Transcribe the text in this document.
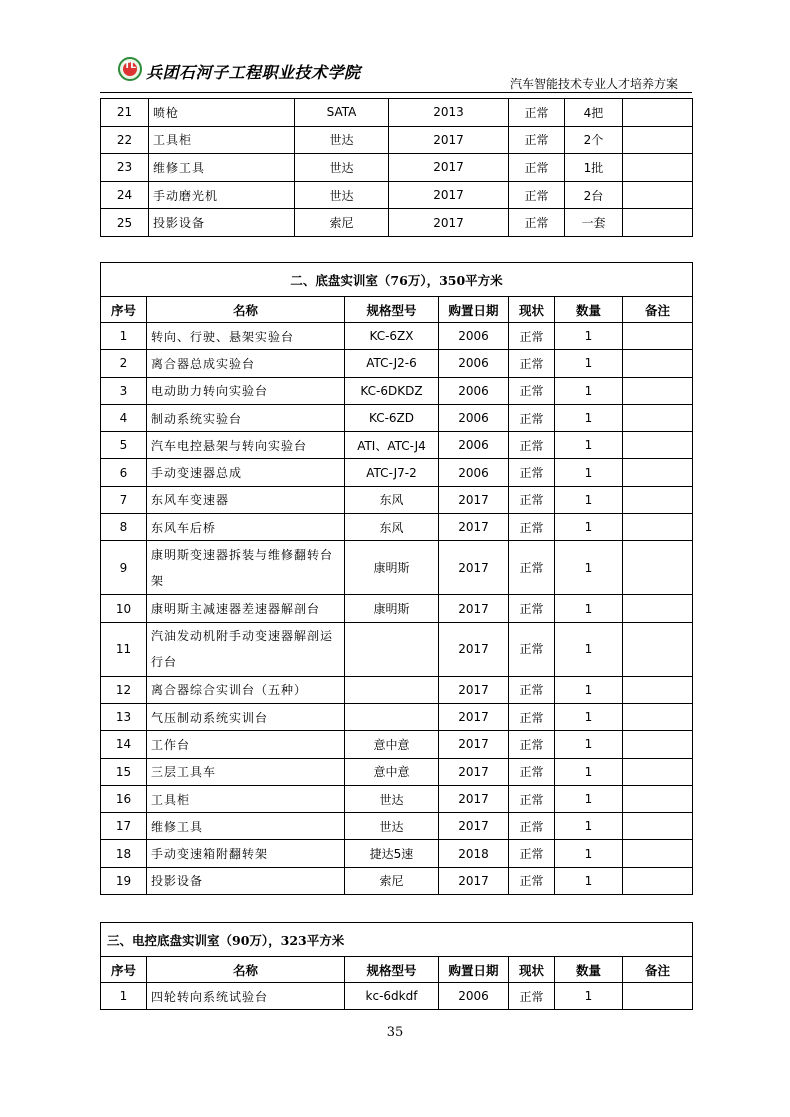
TL 兵团石河子工程职业技术学院
汽车智能技术专业人才培养方案
21	喷枪	SATA	2013	正常	4把	
22	工具柜	世达	2017	正常	2个	
23	维修工具	世达	2017	正常	1批	
24	手动磨光机	世达	2017	正常	2台	
25	投影设备	索尼	2017	正常	一套	
二、底盘实训室（76万），350平方米						
序号	名称	规格型号	购置日期	现状	数量	备注
1	转向、行驶、悬架实验台	KC-6ZX	2006	正常	1	
2	离合器总成实验台	ATC-J2-6	2006	正常	1	
3	电动助力转向实验台	KC-6DKDZ	2006	正常	1	
4	制动系统实验台	KC-6ZD	2006	正常	1	
5	汽车电控悬架与转向实验台	ATI、ATC-J4	2006	正常	1	
6	手动变速器总成	ATC-J7-2	2006	正常	1	
7	东风车变速器	东风	2017	正常	1	
8	东风车后桥	东风	2017	正常	1	
9	康明斯变速器拆装与维修翻转台架	康明斯	2017	正常	1	
10	康明斯主减速器差速器解剖台	康明斯	2017	正常	1	
11	汽油发动机附手动变速器解剖运行台		2017	正常	1	
12	离合器综合实训台（五种）		2017	正常	1	
13	气压制动系统实训台		2017	正常	1	
14	工作台	意中意	2017	正常	1	
15	三层工具车	意中意	2017	正常	1	
16	工具柜	世达	2017	正常	1	
17	维修工具	世达	2017	正常	1	
18	手动变速箱附翻转架	捷达5速	2018	正常	1	
19	投影设备	索尼	2017	正常	1	
三、电控底盘实训室（90万），323平方米						
序号	名称	规格型号	购置日期	现状	数量	备注
1	四轮转向系统试验台	kc-6dkdf	2006	正常	1	
35
